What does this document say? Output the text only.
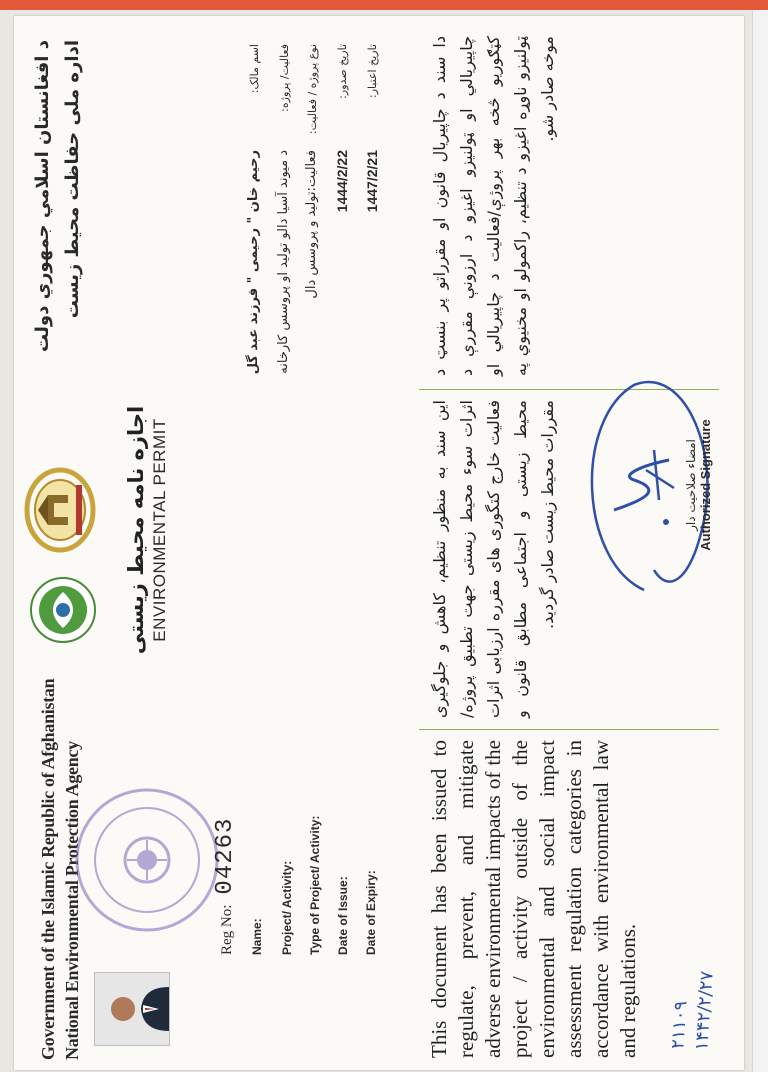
Government of the Islamic Republic of Afghanistan National Environmental Protection Agency
د افغانستان اسلامي جمهوري دولت اداره ملی حفاظت محیط زیست
اجازه نامه محیط زیستی ENVIRONMENTAL PERMIT
Reg No:
04263
Name: Project/ Activity: Type of Project/ Activity: Date of Issue: Date of Expiry:
اسم مالک: فعالیت/ پروژه: نوع پروژه / فعالیت: تاریخ صدور: تاریخ اعتبار:
رحیم خان " رحیمی " فرزند عبد گل د میوند آسیا دالو تولید او پروسس کارخانه فعالیت:تولید و پروسس دال 1444/2/22 1447/2/21
This document has been issued to regulate, prevent, and mitigate adverse environmental impacts of the project / activity outside of the environmental and social impact assessment regulation categories in accordance with environmental law and regulations.
این سند به منظور تنظیم، کاهش و جلوگیری اثرات سوء محیط زیستی جهت تطبیق پروژه/فعالیت خارج کتگوری های مقرره ارزیابی اثرات محیط زیستی و اجتماعی مطابق قانون و مقررات محیط زیست صادر گردید.
دا سند د چاپیریال قانون او مقرراتو پر بنسټ د چاپیریالي او ټولنیزو اغیزو د ارزونې مقررې د کټګوریو څخه بهر پروژې/فعالیت د چاپیریالي او ټولنیزو ناوړه اغیزو د تنظیم، راکمولو او مخنیوي په موخه صادر شو.
امضاء صلاحیت دار Authorized Signature
۲۱۱۰۹ ۱۴۴۲/۲/۲۷
